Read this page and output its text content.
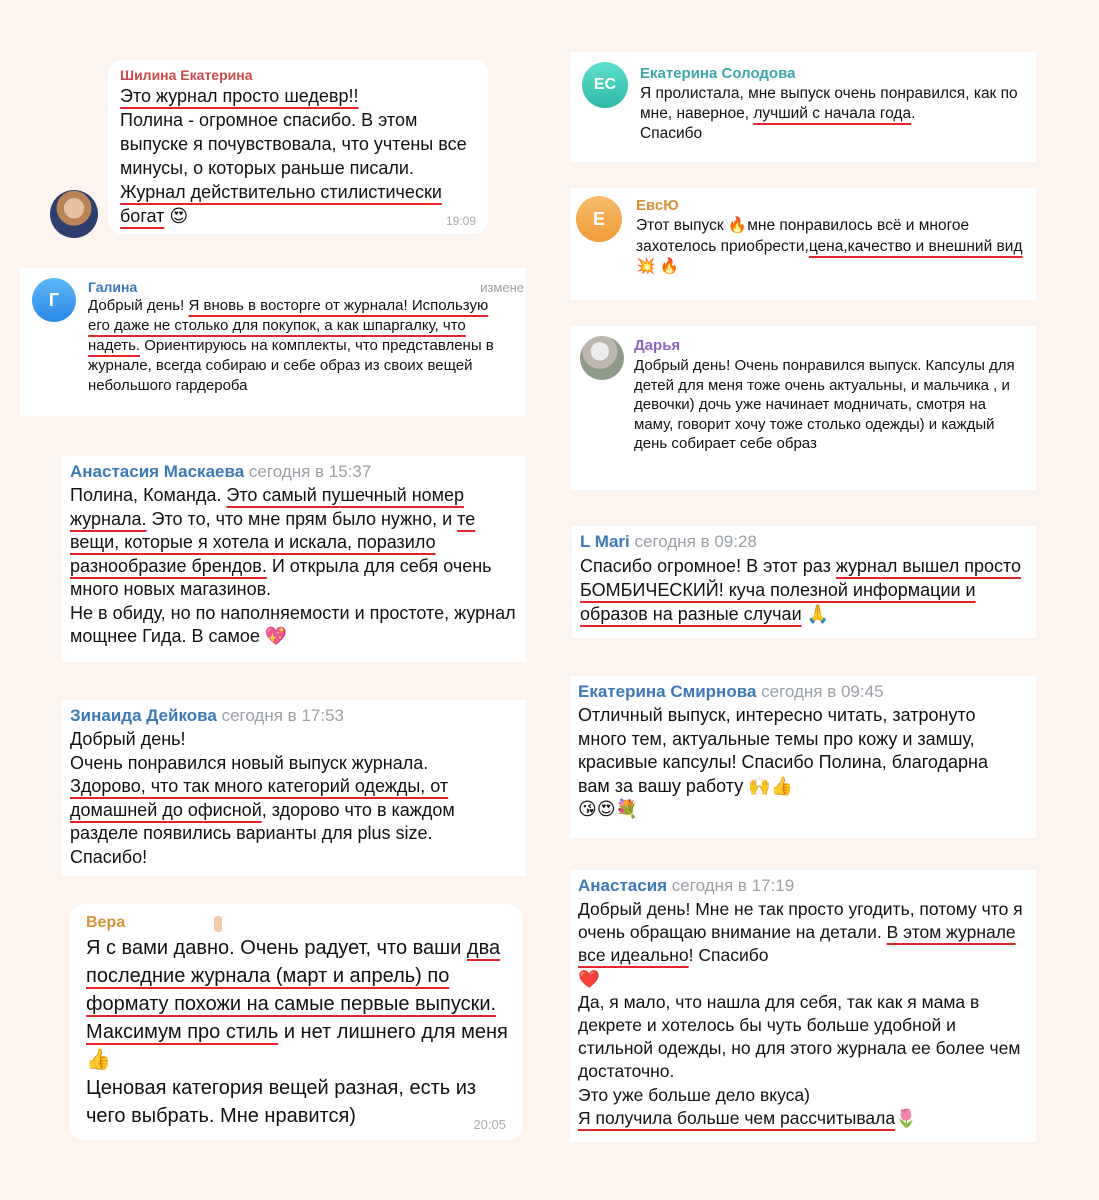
Шилина Екатерина

Это журнал просто шедевр!!
Полина - огромное спасибо. В этом выпуске я почувствовала, что учтены все минусы, о которых раньше писали.
Журнал действительно стилистически богат 😍	19:09
Г
Галина	измене

Добрый день! Я вновь в восторге от журнала! Использую его даже не столько для покупок, а как шпаргалку, что надеть. Ориентируюсь на комплекты, что представлены в журнале, всегда собираю и себе образ из своих вещей небольшого гардероба

Анастасия Маскаева сегодня в 15:37

Полина, Команда. Это самый пушечный номер журнала. Это то, что мне прям было нужно, и те вещи, которые я хотела и искала, поразило разнообразие брендов. И открыла для себя очень много новых магазинов.
Не в обиду, но по наполняемости и простоте, журнал мощнее Гида. В самое 💖

Зинаида Дейкова сегодня в 17:53

Добрый день!
Очень понравился новый выпуск журнала.
Здорово, что так много категорий одежды, от домашней до офисной, здорово что в каждом разделе появились варианты для plus size.
Спасибо!

Вера

Я с вами давно. Очень радует, что ваши два последние журнала (март и апрель) по формату похожи на самые первые выпуски. Максимум про стиль и нет лишнего для меня👍
Ценовая категория вещей разная, есть из чего выбрать. Мне нравится)	20:05
ЕС
Екатерина Солодова

Я пролистала, мне выпуск очень понравился, как по мне, наверное, лучший с начала года.
Спасибо

Е
ЕвсЮ

Этот выпуск 🔥мне понравилось всё и многое захотелось приобрести,цена,качество и внешний вид 💥 🔥

Дарья

Добрый день! Очень понравился выпуск. Капсулы для детей для меня тоже очень актуальны, и мальчика , и девочки) дочь уже начинает модничать, смотря на маму, говорит хочу тоже столько одежды) и каждый день собирает себе образ

L Mari сегодня в 09:28

Спасибо огромное! В этот раз журнал вышел просто БОМБИЧЕСКИЙ! куча полезной информации и образов на разные случаи 🙏

Екатерина Смирнова сегодня в 09:45

Отличный выпуск, интересно читать, затронуто много тем, актуальные темы про кожу и замшу, красивые капсулы! Спасибо Полина, благодарна вам за вашу работу 🙌👍
😘😍💐

Анастасия сегодня в 17:19

Добрый день! Мне не так просто угодить, потому что я очень обращаю внимание на детали. В этом журнале все идеально! Спасибо
❤️
Да, я мало, что нашла для себя, так как я мама в декрете и хотелось бы чуть больше удобной и стильной одежды, но для этого журнала ее более чем достаточно.
Это уже больше дело вкуса)
Я получила больше чем рассчитывала🌷
